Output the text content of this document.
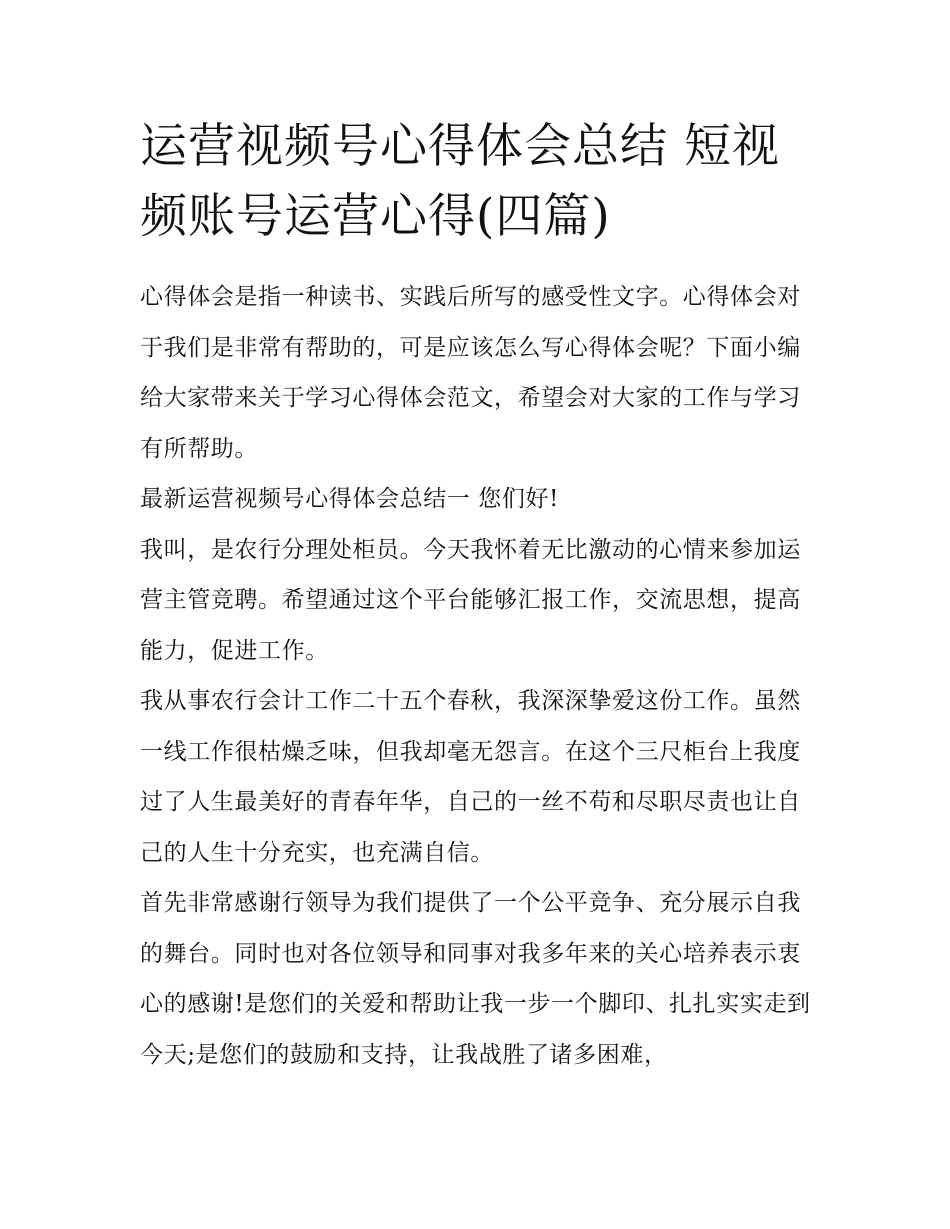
运营视频号心得体会总结 短视频账号运营心得(四篇)

心得体会是指一种读书、实践后所写的感受性文字。心得体会对于我们是非常有帮助的，可是应该怎么写心得体会呢？下面小编给大家带来关于学习心得体会范文，希望会对大家的工作与学习有所帮助。

最新运营视频号心得体会总结一 您们好!

我叫，是农行分理处柜员。今天我怀着无比激动的心情来参加运营主管竞聘。希望通过这个平台能够汇报工作，交流思想，提高能力，促进工作。

我从事农行会计工作二十五个春秋，我深深挚爱这份工作。虽然一线工作很枯燥乏味，但我却毫无怨言。在这个三尺柜台上我度过了人生最美好的青春年华，自己的一丝不苟和尽职尽责也让自己的人生十分充实，也充满自信。

首先非常感谢行领导为我们提供了一个公平竞争、充分展示自我的舞台。同时也对各位领导和同事对我多年来的关心培养表示衷心的感谢!是您们的关爱和帮助让我一步一个脚印、扎扎实实走到今天;是您们的鼓励和支持，让我战胜了诸多困难，
